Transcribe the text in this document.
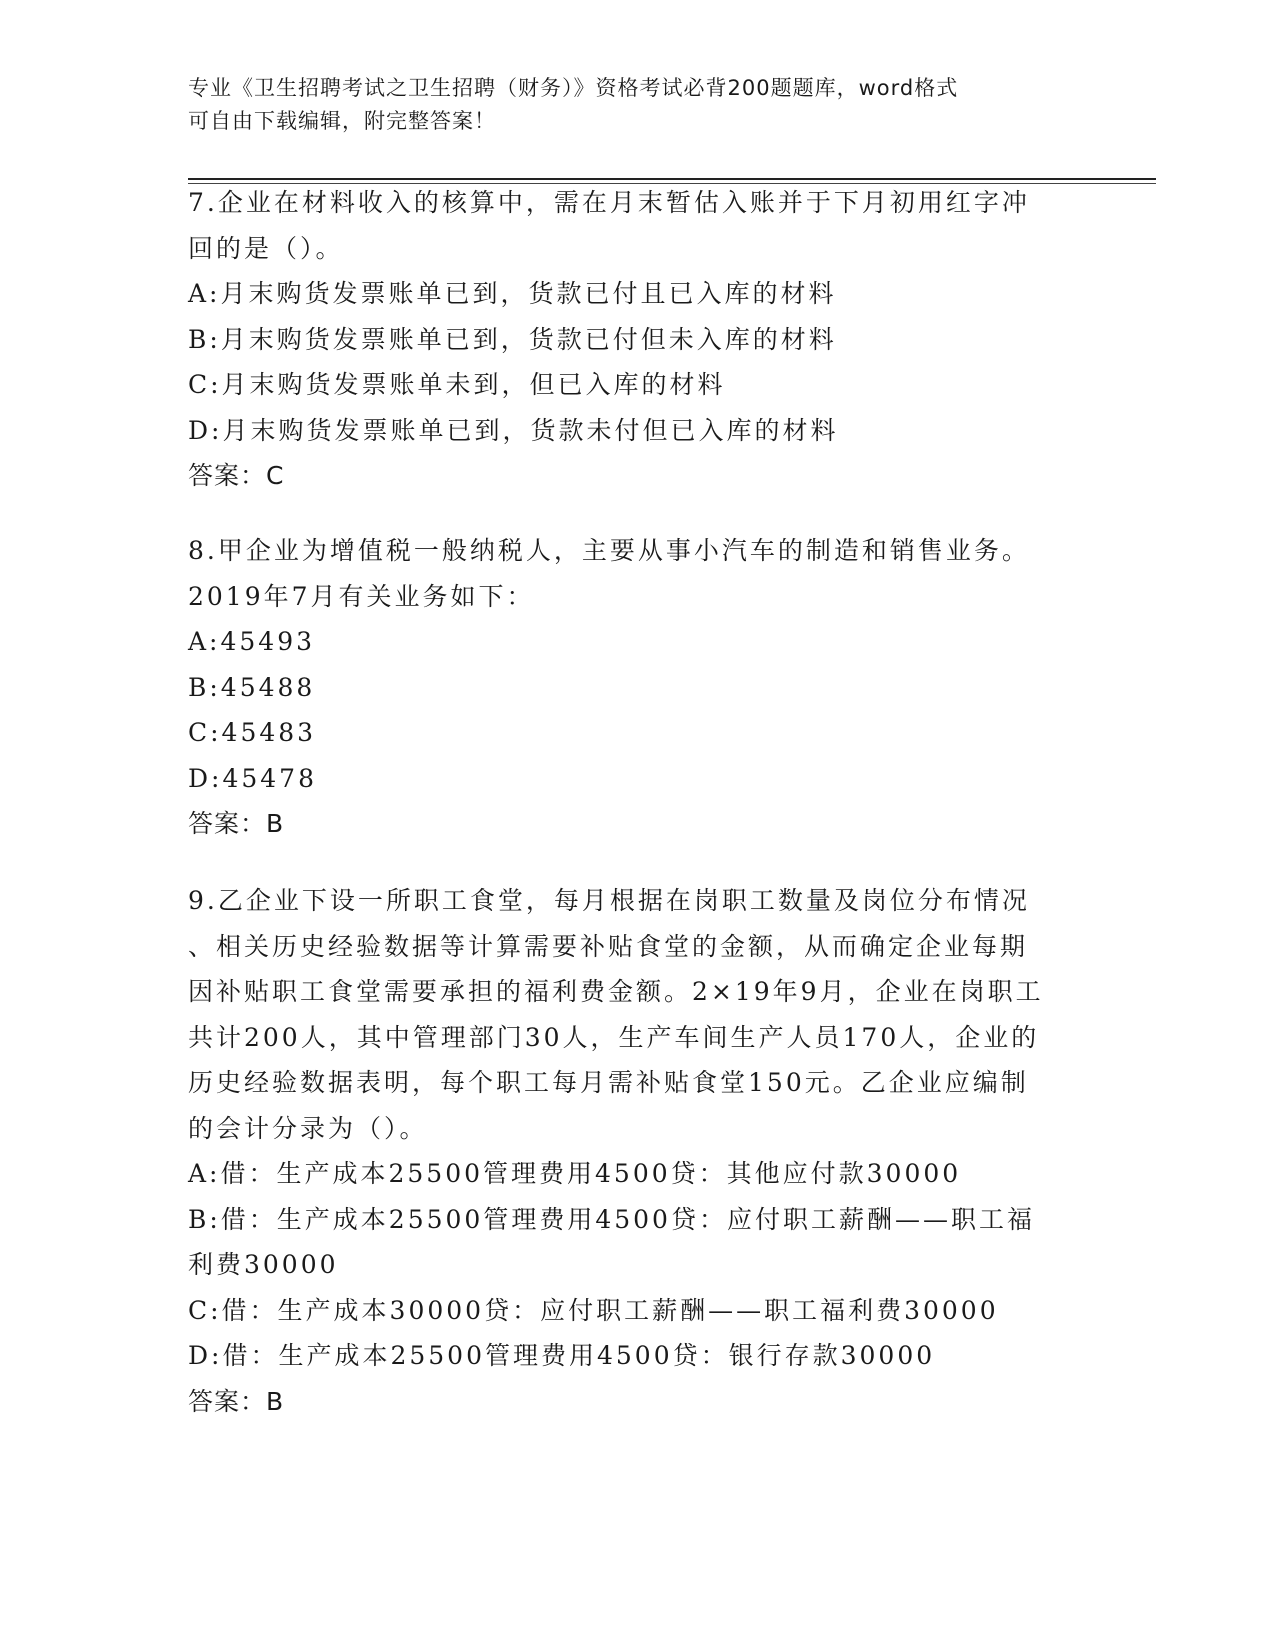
专业《卫生招聘考试之卫生招聘（财务）》资格考试必背200题题库，word格式
可自由下载编辑，附完整答案！

7.企业在材料收入的核算中，需在月末暂估入账并于下月初用红字冲

回的是（）。

A:月末购货发票账单已到，货款已付且已入库的材料

B:月末购货发票账单已到，货款已付但未入库的材料

C:月末购货发票账单未到，但已入库的材料

D:月末购货发票账单已到，货款未付但已入库的材料

答案：C

8.甲企业为增值税一般纳税人，主要从事小汽车的制造和销售业务。

2019年7月有关业务如下：

A:45493

B:45488

C:45483

D:45478

答案：B

9.乙企业下设一所职工食堂，每月根据在岗职工数量及岗位分布情况

、相关历史经验数据等计算需要补贴食堂的金额，从而确定企业每期

因补贴职工食堂需要承担的福利费金额。2×19年9月，企业在岗职工

共计200人，其中管理部门30人，生产车间生产人员170人，企业的

历史经验数据表明，每个职工每月需补贴食堂150元。乙企业应编制

的会计分录为（）。

A:借：生产成本25500管理费用4500贷：其他应付款30000

B:借：生产成本25500管理费用4500贷：应付职工薪酬——职工福

利费30000

C:借：生产成本30000贷：应付职工薪酬——职工福利费30000

D:借：生产成本25500管理费用4500贷：银行存款30000

答案：B
